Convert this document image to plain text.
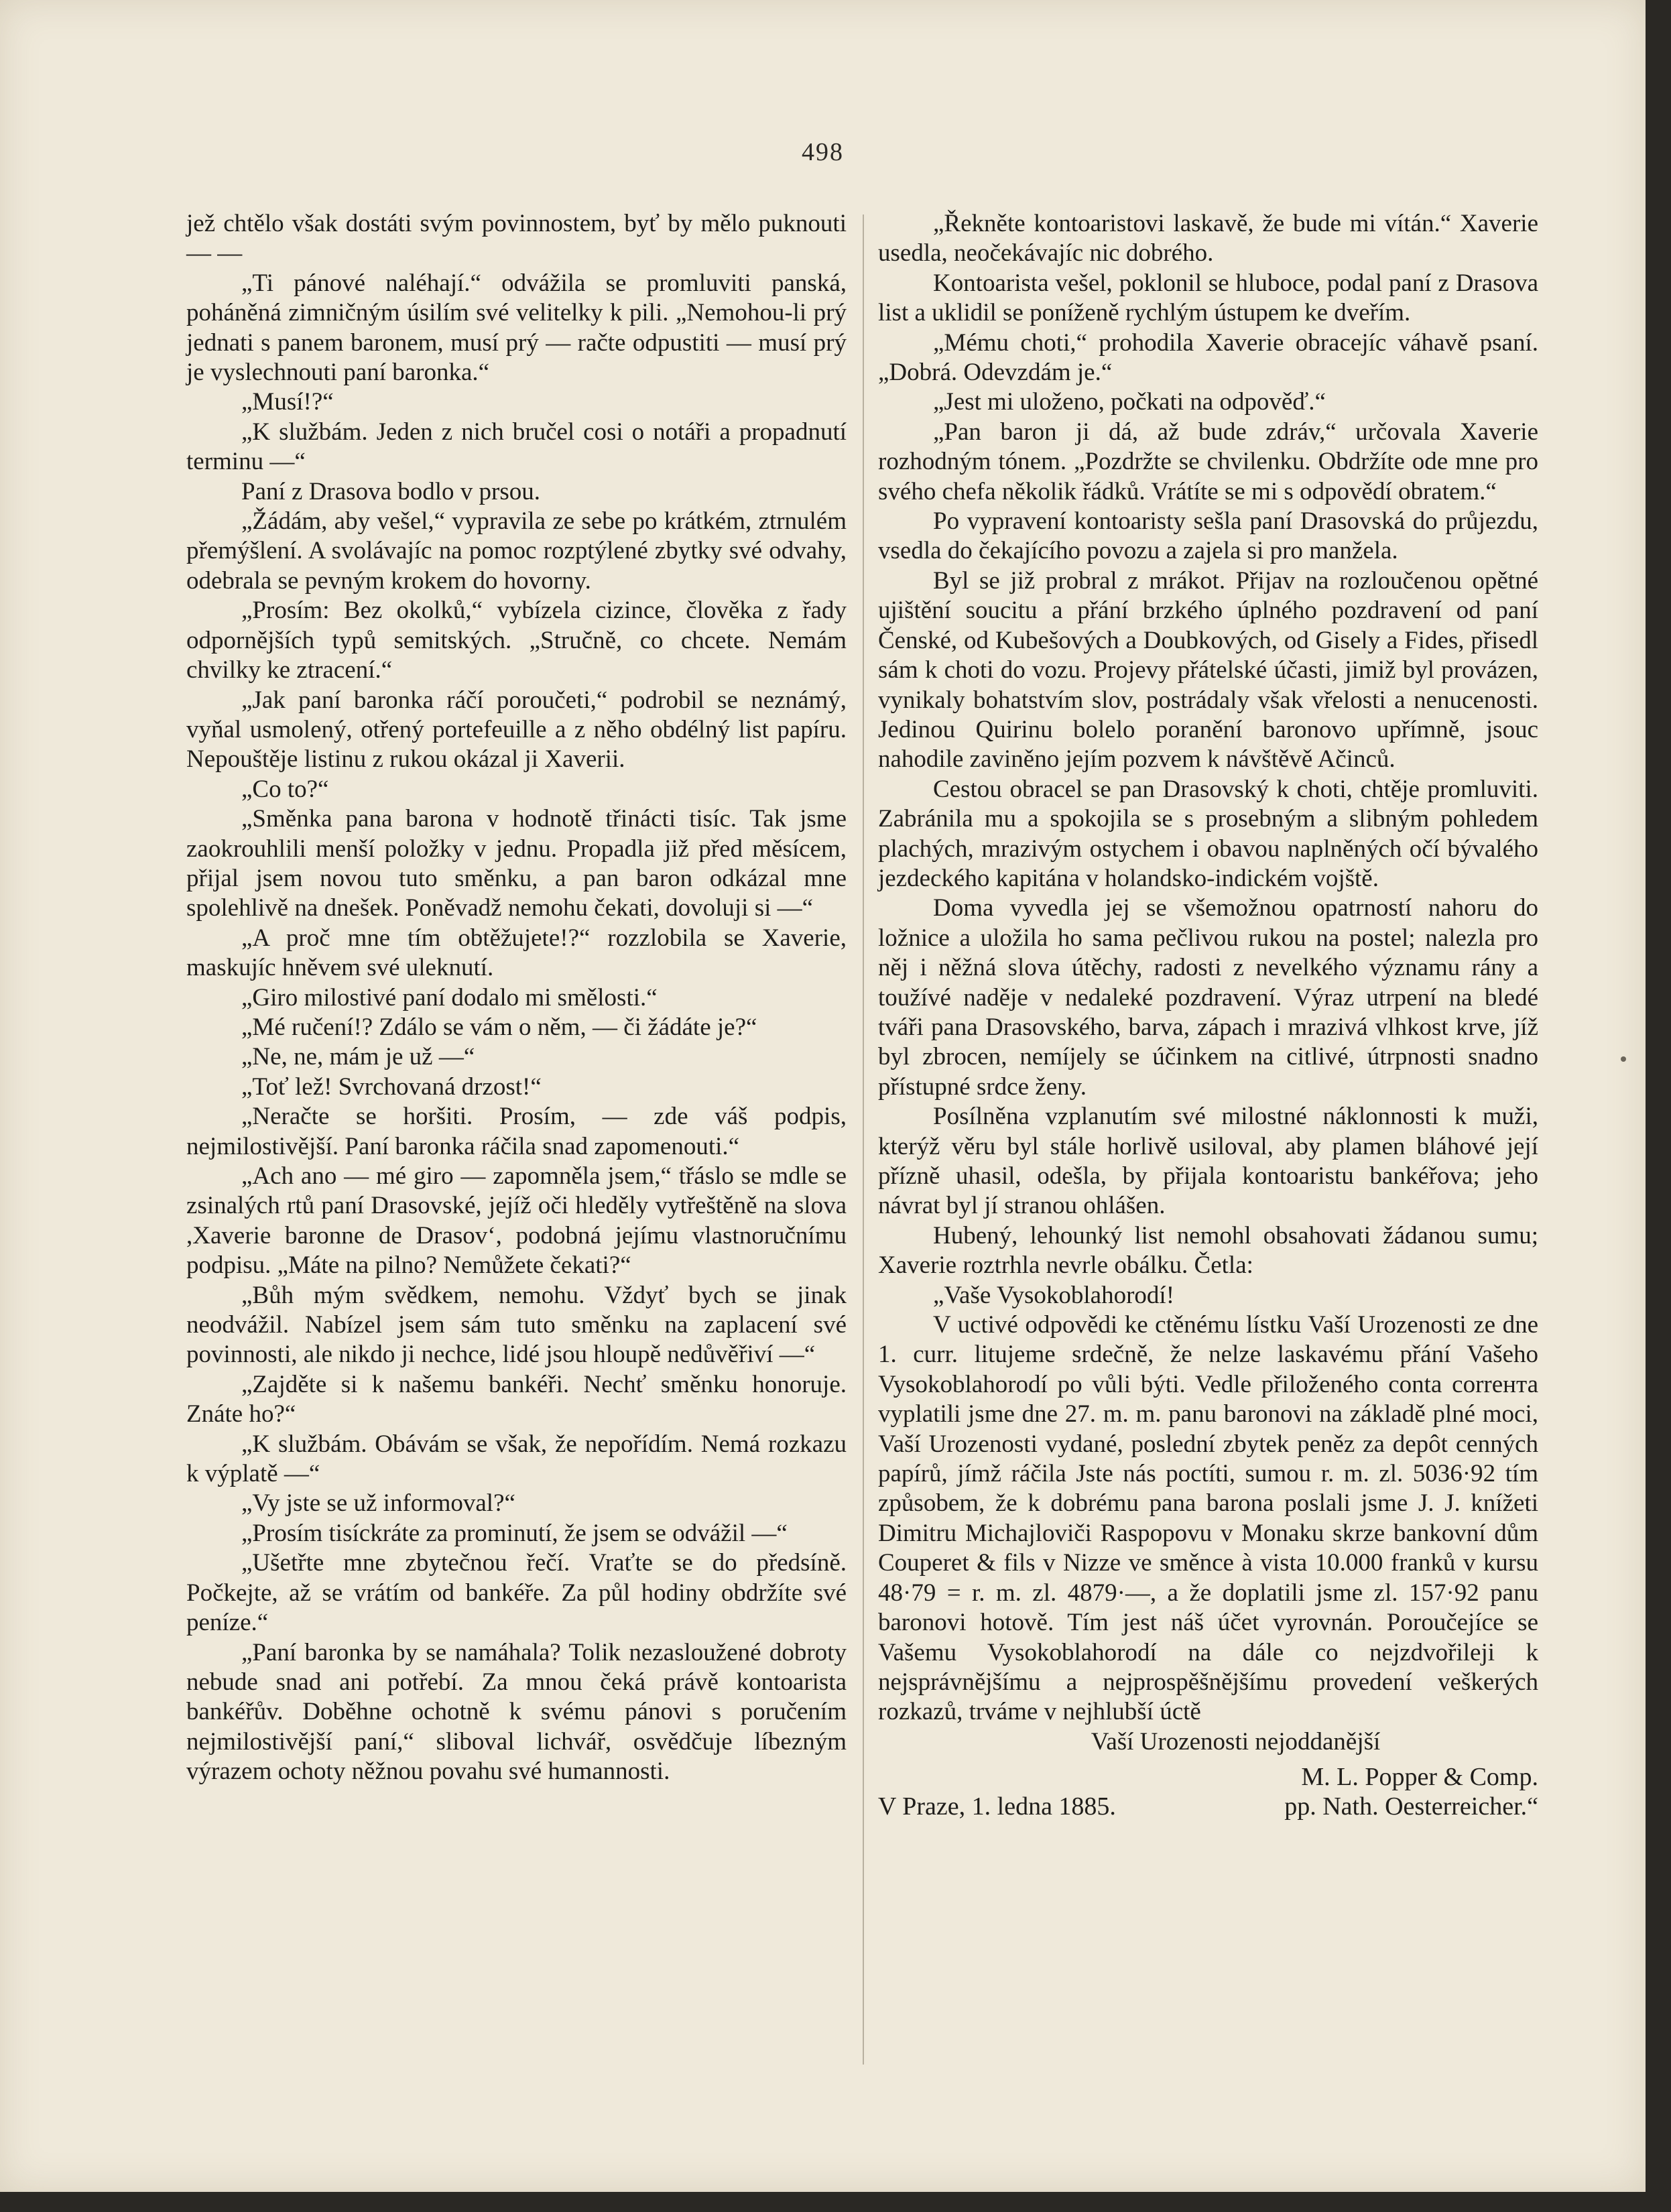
498

jež chtělo však dostáti svým povinnostem, byť by mělo puknouti — —

„Ti pánové naléhají.“ odvážila se promluviti panská, poháněná zimničným úsilím své velitelky k pili. „Nemohou-li prý jednati s panem baronem, musí prý — račte odpustiti — musí prý je vyslechnouti paní baronka.“

„Musí!?“

„K službám. Jeden z nich bručel cosi o notáři a propadnutí terminu —“

Paní z Drasova bodlo v prsou.

„Žádám, aby vešel,“ vypravila ze sebe po krátkém, ztrnulém přemýšlení. A svolávajíc na pomoc rozptýlené zbytky své odvahy, odebrala se pevným krokem do hovorny.

„Prosím: Bez okolků,“ vybízela cizince, člověka z řady odpornějších typů semitských. „Stručně, co chcete. Nemám chvilky ke ztracení.“

„Jak paní baronka ráčí poroučeti,“ podrobil se neznámý, vyňal usmolený, otřený portefeuille a z něho obdélný list papíru. Nepouštěje listinu z rukou okázal ji Xaverii.

„Co to?“

„Směnka pana barona v hodnotě třinácti tisíc. Tak jsme zaokrouhlili menší položky v jednu. Propadla již před měsícem, přijal jsem novou tuto směnku, a pan baron odkázal mne spolehlivě na dnešek. Poněvadž nemohu čekati, dovoluji si —“

„A proč mne tím obtěžujete!?“ rozzlobila se Xaverie, maskujíc hněvem své uleknutí.

„Giro milostivé paní dodalo mi smělosti.“

„Mé ručení!? Zdálo se vám o něm, — či žádáte je?“

„Ne, ne, mám je už —“

„Toť lež! Svrchovaná drzost!“

„Neračte se horšiti. Prosím, — zde váš podpis, nejmilostivější. Paní baronka ráčila snad zapomenouti.“

„Ach ano — mé giro — zapomněla jsem,“ třáslo se mdle se zsinalých rtů paní Drasovské, jejíž oči hleděly vytřeštěně na slova ,Xaverie baronne de Drasov‘, podobná jejímu vlastnoručnímu podpisu. „Máte na pilno? Nemůžete čekati?“

„Bůh mým svědkem, nemohu. Vždyť bych se jinak neodvážil. Nabízel jsem sám tuto směnku na zaplacení své povinnosti, ale nikdo ji nechce, lidé jsou hloupě nedůvěřiví —“

„Zajděte si k našemu bankéři. Nechť směnku honoruje. Znáte ho?“

„K službám. Obávám se však, že nepořídím. Nemá rozkazu k výplatě —“

„Vy jste se už informoval?“

„Prosím tisíckráte za prominutí, že jsem se odvážil —“

„Ušetřte mne zbytečnou řečí. Vraťte se do předsíně. Počkejte, až se vrátím od bankéře. Za půl hodiny obdržíte své peníze.“

„Paní baronka by se namáhala? Tolik nezasloužené dobroty nebude snad ani potřebí. Za mnou čeká právě kontoarista bankéřův. Doběhne ochotně k svému pánovi s poručením nejmilostivější paní,“ sliboval lichvář, osvědčuje líbezným výrazem ochoty něžnou povahu své humannosti.

„Řekněte kontoaristovi laskavě, že bude mi vítán.“ Xaverie usedla, neočekávajíc nic dobrého.

Kontoarista vešel, poklonil se hluboce, podal paní z Drasova list a uklidil se poníženě rychlým ústupem ke dveřím.

„Mému choti,“ prohodila Xaverie obracejíc váhavě psaní. „Dobrá. Odevzdám je.“

„Jest mi uloženo, počkati na odpověď.“

„Pan baron ji dá, až bude zdráv,“ určovala Xaverie rozhodným tónem. „Pozdržte se chvilenku. Obdržíte ode mne pro svého chefa několik řádků. Vrátíte se mi s odpovědí obratem.“

Po vypravení kontoaristy sešla paní Drasovská do průjezdu, vsedla do čekajícího povozu a zajela si pro manžela.

Byl se již probral z mrákot. Přijav na rozloučenou opětné ujištění soucitu a přání brzkého úplného pozdravení od paní Čenské, od Kubešových a Doubkových, od Gisely a Fides, přisedl sám k choti do vozu. Projevy přátelské účasti, jimiž byl provázen, vynikaly bohatstvím slov, postrádaly však vřelosti a nenucenosti. Jedinou Quirinu bolelo poranění baronovo upřímně, jsouc nahodile zaviněno jejím pozvem k návštěvě Ačinců.

Cestou obracel se pan Drasovský k choti, chtěje promluviti. Zabránila mu a spokojila se s prosebným a slibným pohledem plachých, mrazivým ostychem i obavou naplněných očí bývalého jezdeckého kapitána v holandsko-indickém vojště.

Doma vyvedla jej se všemožnou opatrností nahoru do ložnice a uložila ho sama pečlivou rukou na postel; nalezla pro něj i něžná slova útěchy, radosti z nevelkého významu rány a toužívé naděje v nedaleké pozdravení. Výraz utrpení na bledé tváři pana Drasovského, barva, zápach i mrazivá vlhkost krve, jíž byl zbrocen, nemíjely se účinkem na citlivé, útrpnosti snadno přístupné srdce ženy.

Posílněna vzplanutím své milostné náklonnosti k muži, kterýž věru byl stále horlivě usiloval, aby plamen bláhové její přízně uhasil, odešla, by přijala kontoaristu bankéřova; jeho návrat byl jí stranou ohlášen.

Hubený, lehounký list nemohl obsahovati žádanou sumu; Xaverie roztrhla nevrle obálku. Četla:

„Vaše Vysokoblahorodí!

V uctivé odpovědi ke ctěnému lístku Vaší Urozenosti ze dne 1. curr. litujeme srdečně, že nelze laskavému přání Vašeho Vysokoblahorodí po vůli býti. Vedle přiloženého conta corrента vyplatili jsme dne 27. m. m. panu baronovi na základě plné moci, Vaší Urozenosti vydané, poslední zbytek peněz za depôt cenných papírů, jímž ráčila Jste nás poctíti, sumou r. m. zl. 5036·92 tím způsobem, že k dobrému pana barona poslali jsme J. J. knížeti Dimitru Michajloviči Raspopovu v Monaku skrze bankovní dům Couperet & fils v Nizze ve směnce à vista 10.000 franků v kursu 48·79 = r. m. zl. 4879·—, a že doplatili jsme zl. 157·92 panu baronovi hotově. Tím jest náš účet vyrovnán. Poroučejíce se Vašemu Vysokoblahorodí na dále co nejzdvořileji k nejsprávnějšímu a nejprospěšnějšímu provedení veškerých rozkazů, trváme v nejhlubší úctě

Vaší Urozenosti nejoddanější

V Praze, 1. ledna 1885.
M. L. Popper & Comp.
pp. Nath. Oesterreicher.“
